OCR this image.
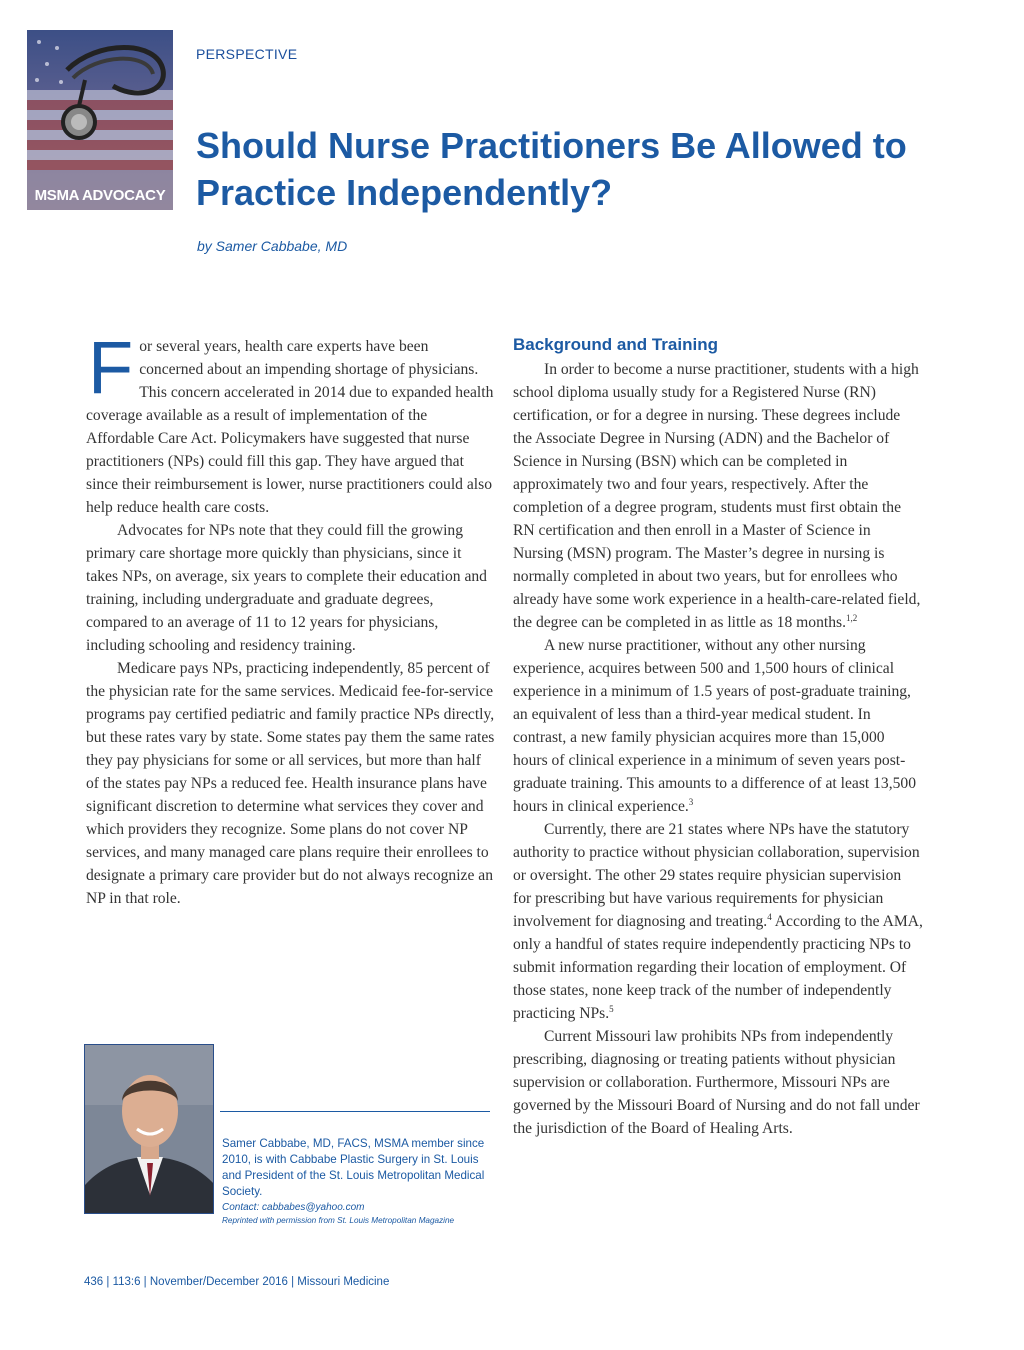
MSMA ADVOCACY
PERSPECTIVE
Should Nurse Practitioners Be Allowed to Practice Independently?
by Samer Cabbabe, MD

For several years, health care experts have been concerned about an impending shortage of physicians. This concern accelerated in 2014 due to expanded health coverage available as a result of implementation of the Affordable Care Act. Policymakers have suggested that nurse practitioners (NPs) could fill this gap. They have argued that since their reimbursement is lower, nurse practitioners could also help reduce health care costs.

Advocates for NPs note that they could fill the growing primary care shortage more quickly than physicians, since it takes NPs, on average, six years to complete their education and training, including undergraduate and graduate degrees, compared to an average of 11 to 12 years for physicians, including schooling and residency training.

Medicare pays NPs, practicing independently, 85 percent of the physician rate for the same services. Medicaid fee-for-service programs pay certified pediatric and family practice NPs directly, but these rates vary by state. Some states pay them the same rates they pay physicians for some or all services, but more than half of the states pay NPs a reduced fee. Health insurance plans have significant discretion to determine what services they cover and which providers they recognize. Some plans do not cover NP services, and many managed care plans require their enrollees to designate a primary care provider but do not always recognize an NP in that role.

Background and Training

In order to become a nurse practitioner, students with a high school diploma usually study for a Registered Nurse (RN) certification, or for a degree in nursing. These degrees include the Associate Degree in Nursing (ADN) and the Bachelor of Science in Nursing (BSN) which can be completed in approximately two and four years, respectively. After the completion of a degree program, students must first obtain the RN certification and then enroll in a Master of Science in Nursing (MSN) program. The Master’s degree in nursing is normally completed in about two years, but for enrollees who already have some work experience in a health-care-related field, the degree can be completed in as little as 18 months.$^{1,2}$

A new nurse practitioner, without any other nursing experience, acquires between 500 and 1,500 hours of clinical experience in a minimum of 1.5 years of post-graduate training, an equivalent of less than a third-year medical student. In contrast, a new family physician acquires more than 15,000 hours of clinical experience in a minimum of seven years post-graduate training. This amounts to a difference of at least 13,500 hours in clinical experience.$^3$

Currently, there are 21 states where NPs have the statutory authority to practice without physician collaboration, supervision or oversight. The other 29 states require physician supervision for prescribing but have various requirements for physician involvement for diagnosing and treating.$^4$ According to the AMA, only a handful of states require independently practicing NPs to submit information regarding their location of employment. Of those states, none keep track of the number of independently practicing NPs.$^5$

Current Missouri law prohibits NPs from independently prescribing, diagnosing or treating patients without physician supervision or collaboration. Furthermore, Missouri NPs are governed by the Missouri Board of Nursing and do not fall under the jurisdiction of the Board of Healing Arts.

Samer Cabbabe, MD, FACS, MSMA member since 2010, is with Cabbabe Plastic Surgery in St. Louis and President of the St. Louis Metropolitan Medical Society.
Contact: cabbabes@yahoo.com
Reprinted with permission from St. Louis Metropolitan Magazine
436 | 113:6 | November/December 2016 | Missouri Medicine
